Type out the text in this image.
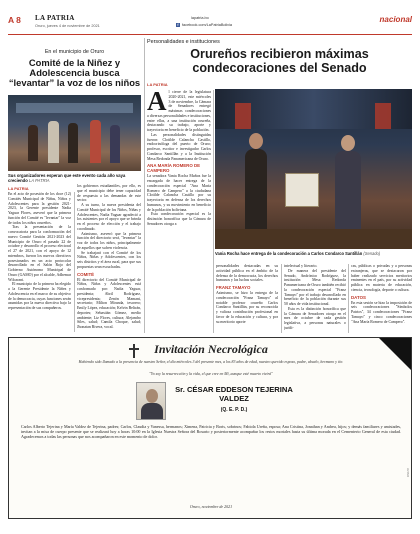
A 8 LA PATRIA
Oruro, jueves 4 de noviembre de 2021
lapatria.bo
f facebook.com/LaPatriaBolivia
nacional
En el municipio de Oruro
Comité de la Niñez y Adolescencia busca “levantar” la voz de los niños
Sus organizadores esperan que este evento cada año vaya creciendo LA PATRIA
LA PATRIA

En el acto de posesión de los doce (12) Comités Municipal de Niñas, Niños y Adolescentes para la gestión 2021-2023, la Gerente presidente Nadia Yaguar Flores, aseveró que la primera función del Comité es "levantar" la voz de todos los niños orureños.

Tras la presentación de la convocatoria para la conformación del nuevo Comité Gestión 2021-2023 del Municipio de Oruro el pasado 22 de octubre y desarrollo el proceso electoral el 27 de 2021, con el apoyo de 12 miembros, fueron los nuevos directivos posesionados en un acto protocolar desarrollado en el Salón Rojo del Gobierno Autónomo Municipal de Oruro (GAMO) por el alcalde, Adhemar Wilcarani.

El municipio de la primera ha elegido a la Gerente Presidente la Niñez y Adolescencia en el marco de su objetivo de la democracia, cuyas funciones serán asumidas por la nueva directiva bajo la representación de sus compañeros.

los gobiernos estudiantiles, por ello, es que el municipio debe tener capacidad de respuesta a las demandas de este sector.

A su turno, la nueva presidenta del Comité Municipal de los Niños, Niñas y Adolescentes, Nadia Yaguar agradeció a los asistentes por el apoyo que se brinda en el proceso de elección y el trabajo coordinado.

Asimismo, aseveró que la primera función del directorio será, "levantar" la voz de todos los niños, principalmente de aquellos que sufren violencia.

Se trabajará con el Comité de los Niños, Niñas y Adolescentes, con los seis distritos y el área rural, para que sus propuestas sean escuchadas.

COMITÉ

El directorio del Comité Municipal de Niños, Niñas y Adolescentes está conformado por: Nadia Yaguar, presidenta; Abril Rodríguez, vicepresidenta; Zenón Mamani, secretario; Milton Miranda, tesorero; Emily López, educación; Kelvin Beltrán, deportes; Sebastián Gómez, medio ambiente; Liz Flores, cultura; Alejandro Siles, salud; Camila Choque, salud; Jhonatan Rivera, vocal.

Personalidades e instituciones
Orureños recibieron máximas condecoraciones del Senado
LA PATRIA
A l cierre de la legislatura 2020-2021, este miércoles 3 de noviembre, la Cámara de Senadores entregó máximas condecoraciones a diversas personalidades e instituciones, entre ellas, a una institución orureña, destacando su trabajo, aporte y trayectoria en beneficio de la población.

Las personalidades distinguidas fueron: Clotilde Calancha Castillo, endocrinóloga del puerto de Oruro; profesor, escritor e investigador Carlos Condarco Santillán y a la Institución Mesa Redonda Panamericana de Oruro.

ANA MARÍA ROMERO DE CAMPERO

La senadora Vania Rocha Muñoz fue la encargada de hacer entrega de la condecoración especial "Ana María Romero de Campero" a la ciudadana Clotilde Calancha Castillo por su trayectoria en defensa de los derechos humanos, y su movimiento en beneficio de la población boliviana.

Esta condecoración especial es la distinción honorífica que la Cámara de Senadores otorga a

Vania Rocha hace entrega de la condecoración a Carlos Condarco Santillán (Senado)

personalidades destacadas en su actividad pública en el ámbito de la defensa de la democracia, los derechos humanos y las luchas sociales.

FRANZ TAMAYO

Asimismo, se hizo la entrega de la condecoración "Franz Tamayo" al notable profesor orureño Carlos Condarco Santillán, por su reconocida y valiosa contribución profesional en favor de la educación y cultura, y por su meritorio aporte

intelectual y literario.

De manera del presidente del Senado, Andrónico Rodríguez, la institución Mesa Redonda Panamericana de Oruro también recibió la condecoración especial "Franz Tamayo" por el trabajo desarrollado en beneficio de la población durante sus 50 años de vida institucional.

Esta es la distinción honorífica que la Cámara de Senadores otorga en el mes de octubre de cada gestión legislativa, a personas naturales o jurídi-

cas, públicas o privadas y a personas extranjeras, que se destacaron por haber realizado servicios meritorios eminentes en el país, por su actividad pública en materia de educación, ciencia, tecnología, deporte o cultura.

DATOS

En esta sesión se hizo la imposición de seis condecoraciones "Símbolos Patrios", 34 condecoraciones "Franz Tamayo" y cinco condecoraciones "Ana María Romero de Campero".

Invitación Necrológica
Habiendo sido llamado a la presencia de nuestro Señor, el día miércoles 3 del presente mes, a los 83 años de edad, nuestro querido esposo, padre, abuelo, hermano y tío:
"Yo soy la resurrección y la vida, el que cree en Mí, aunque esté muerto vivirá"
Sr. CÉSAR EDDESON TEJERINA VALDEZ
(Q. E. P. D.)
Carlos Alberto Tejerina y María Valdez de Tejerina, padres; Carlos, Claudia y Vanessa, hermanos; Ximena, Patricia y Boris, sobrinos; Fabiola Ureña, esposa; Ana Cristina, Jonathan y Andrea, hijos; y demás familiares y amistades, invitan a la misa de cuerpo presente que se realizará hoy a horas 10:00 en la Iglesia Nuestra Señora del Rosario y posteriormente acompañar los restos mortales hasta su última morada en el Cementerio General de esta ciudad. Agradecemos a todas las personas que nos acompañaron en este momento de dolor.
Oruro, noviembre de 2021
AVISO
